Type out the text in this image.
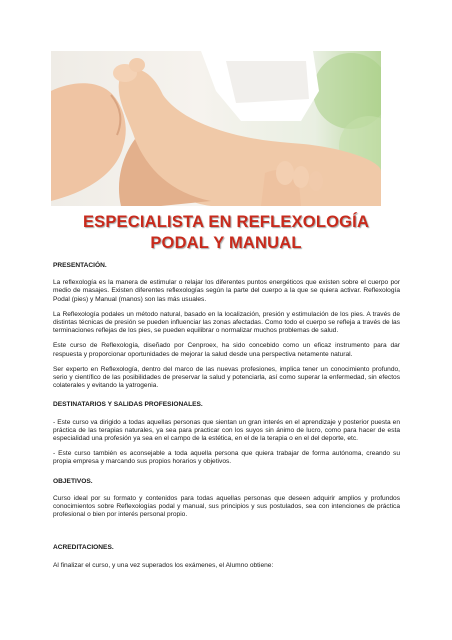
ESPECIALISTA EN REFLEXOLOGÍA
PODAL Y MANUAL

PRESENTACIÓN.

La reflexología es la manera de estimular o relajar los diferentes puntos energéticos que existen sobre el cuerpo por medio de masajes. Existen diferentes reflexologías según la parte del cuerpo a la que se quiera activar. Reflexología Podal (pies) y Manual (manos) son las más usuales.

La Reflexología podales un método natural, basado en la localización, presión y estimulación de los pies. A través de distintas técnicas de presión se pueden influenciar las zonas afectadas. Como todo el cuerpo se refleja a través de las terminaciones reflejas de los pies, se pueden equilibrar o normalizar muchos problemas de salud.

Este curso de Reflexología, diseñado por Cenproex, ha sido concebido como un eficaz instrumento para dar respuesta y proporcionar oportunidades de mejorar la salud desde una perspectiva netamente natural.

Ser experto en Reflexología, dentro del marco de las nuevas profesiones, implica tener un conocimiento profundo, serio y científico de las posibilidades de preservar la salud y potenciarla, así como superar la enfermedad, sin efectos colaterales y evitando la yatrogenia.

DESTINATARIOS Y SALIDAS PROFESIONALES.

- Este curso va dirigido a todas aquellas personas que sientan un gran interés en el aprendizaje y posterior puesta en práctica de las terapias naturales, ya sea para practicar con los suyos sin ánimo de lucro, como para hacer de esta especialidad una profesión ya sea en el campo de la estética, en el de la terapia o en el del deporte, etc.

- Este curso también es aconsejable a toda aquella persona que quiera trabajar de forma autónoma, creando su propia empresa y marcando sus propios horarios y objetivos.

OBJETIVOS.

Curso ideal por su formato y contenidos para todas aquellas personas que deseen adquirir amplios y profundos conocimientos sobre Reflexologías podal y manual, sus principios y sus postulados, sea con intenciones de práctica profesional o bien por interés personal propio.

ACREDITACIONES.

Al finalizar el curso, y una vez superados los exámenes, el Alumno obtiene:
